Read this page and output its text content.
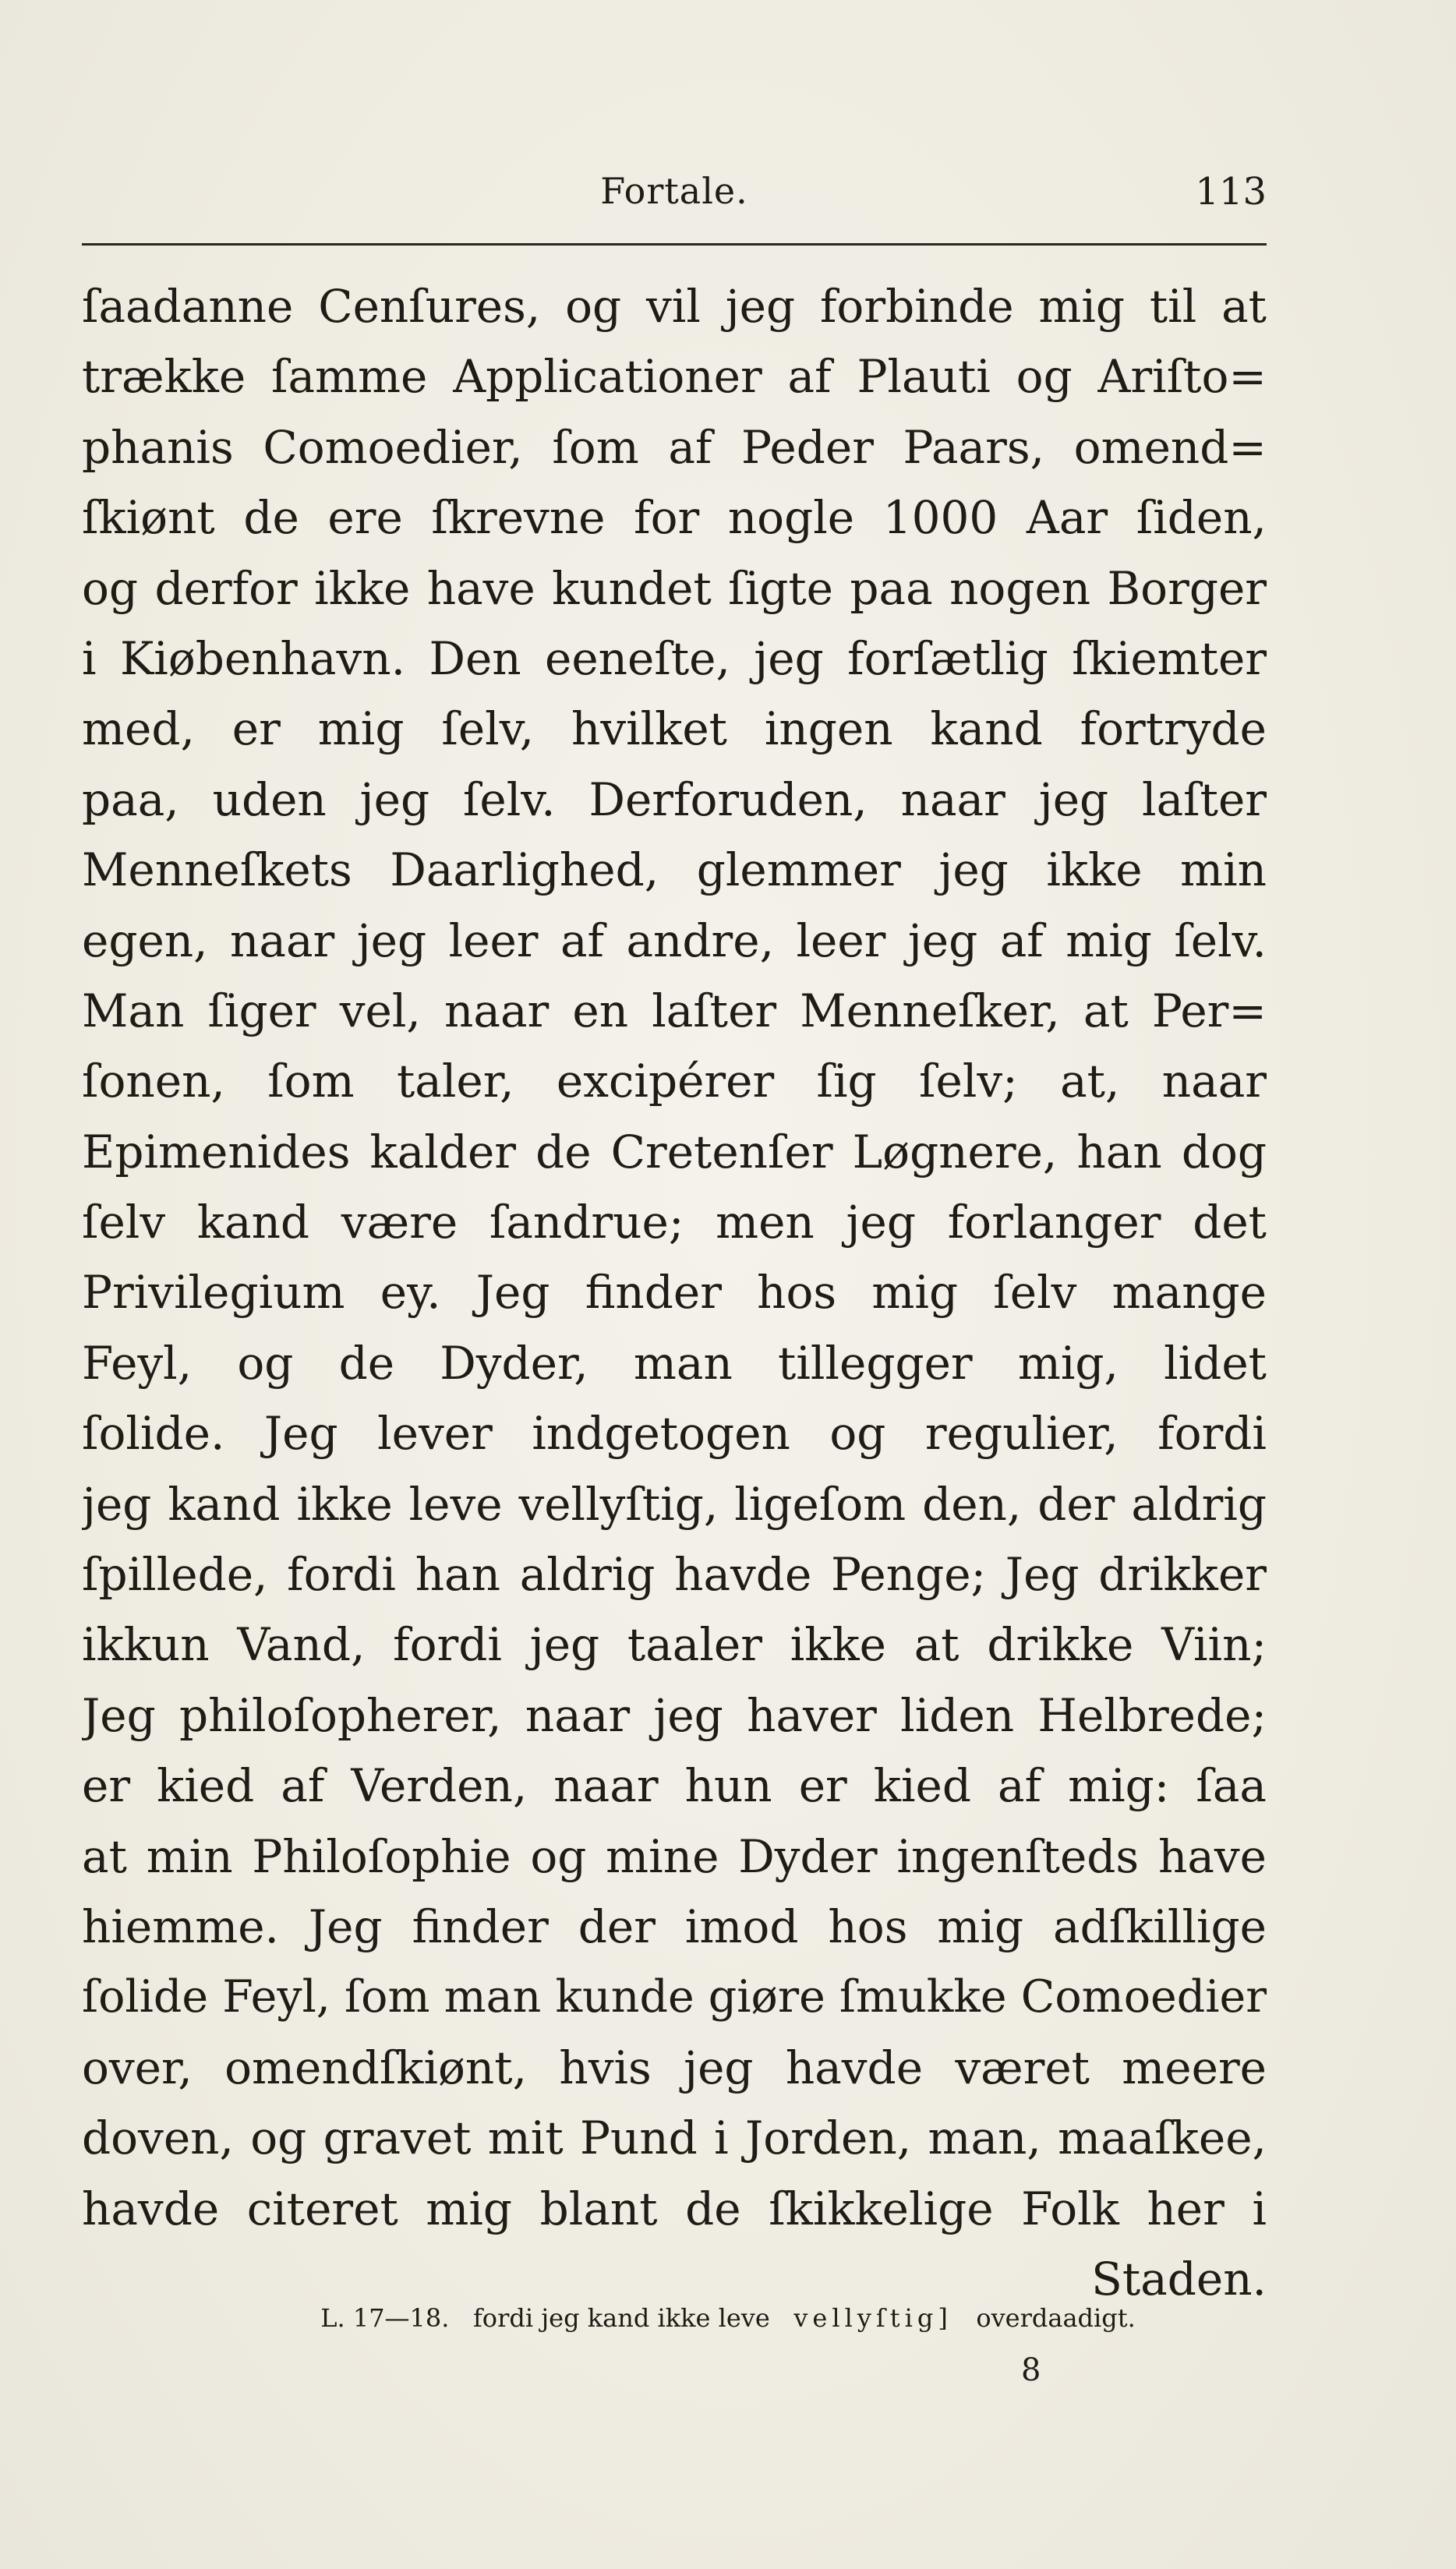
Fortale.	113
ſaadanne Cenſures, og vil jeg forbinde mig til at
trække ſamme Applicationer af Plauti og Ariſto=
phanis Comoedier, ſom af Peder Paars, omend=
ſkiønt de ere ſkrevne for nogle 1000 Aar ſiden,
og derfor ikke have kundet ſigte paa nogen Borger
i Kiøbenhavn. Den eeneſte, jeg forſætlig ſkiemter
med, er mig ſelv, hvilket ingen kand fortryde
paa, uden jeg ſelv. Derforuden, naar jeg laſter
Menneſkets Daarlighed, glemmer jeg ikke min
egen, naar jeg leer af andre, leer jeg af mig ſelv.
Man ſiger vel, naar en laſter Menneſker, at Per=
ſonen, ſom taler, excipérer ſig ſelv; at, naar
Epimenides kalder de Cretenſer Løgnere, han dog
ſelv kand være ſandrue; men jeg forlanger det
Privilegium ey. Jeg finder hos mig ſelv mange
Feyl, og de Dyder, man tillegger mig, lidet
ſolide. Jeg lever indgetogen og regulier, fordi
jeg kand ikke leve vellyſtig, ligeſom den, der aldrig
ſpillede, fordi han aldrig havde Penge; Jeg drikker
ikkun Vand, fordi jeg taaler ikke at drikke Viin;
Jeg philoſopherer, naar jeg haver liden Helbrede;
er kied af Verden, naar hun er kied af mig: ſaa
at min Philoſophie og mine Dyder ingenſteds have
hiemme. Jeg finder der imod hos mig adſkillige
ſolide Feyl, ſom man kunde giøre ſmukke Comoedier
over, omendſkiønt, hvis jeg havde været meere
doven, og gravet mit Pund i Jorden, man, maaſkee,
havde citeret mig blant de ſkikkelige Folk her i
Staden.
L. 17—18. fordi jeg kand ikke leve vellyſtig] overdaadigt.
8
